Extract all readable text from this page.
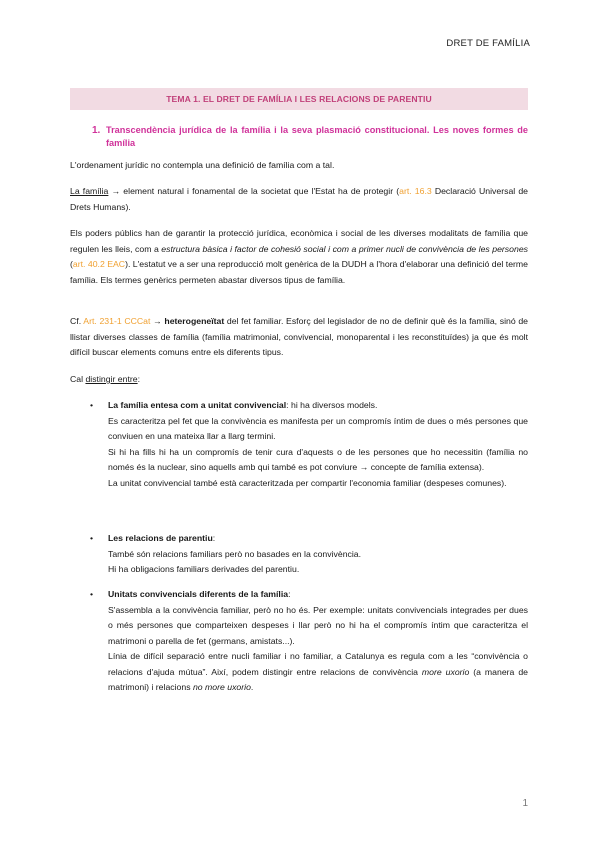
DRET DE FAMÍLIA
TEMA 1. EL DRET DE FAMÍLIA I LES RELACIONS DE PARENTIU
1. Transcendència jurídica de la família i la seva plasmació constitucional. Les noves formes de família
L'ordenament jurídic no contempla una definició de família com a tal.
La família → element natural i fonamental de la societat que l'Estat ha de protegir (art. 16.3 Declaració Universal de Drets Humans).
Els poders públics han de garantir la protecció jurídica, econòmica i social de les diverses modalitats de família que regulen les lleis, com a estructura bàsica i factor de cohesió social i com a primer nucli de convivència de les persones (art. 40.2 EAC). L'estatut ve a ser una reproducció molt genèrica de la DUDH a l'hora d'elaborar una definició del terme família. Els termes genèrics permeten abastar diversos tipus de família.
Cf. Art. 231-1 CCCat → heterogeneïtat del fet familiar. Esforç del legislador de no de definir què és la família, sinó de llistar diverses classes de família (família matrimonial, convivencial, monoparental i les reconstituïdes) ja que és molt difícil buscar elements comuns entre els diferents tipus.
Cal distingir entre:
• La família entesa com a unitat convivencial: hi ha diversos models.
Es caracteritza pel fet que la convivència es manifesta per un compromís íntim de dues o més persones que conviuen en una mateixa llar a llarg termini.
Si hi ha fills hi ha un compromís de tenir cura d'aquests o de les persones que ho necessitin (família no només és la nuclear, sino aquells amb qui també es pot conviure → concepte de família extensa).
La unitat convivencial també està caracteritzada per compartir l'economia familiar (despeses comunes).
• Les relacions de parentiu:
També són relacions familiars però no basades en la convivència.
Hi ha obligacions familiars derivades del parentiu.
• Unitats convivencials diferents de la família:
S'assembla a la convivència familiar, però no ho és. Per exemple: unitats convivencials integrades per dues o més persones que comparteixen despeses i llar però no hi ha el compromís íntim que caracteritza el matrimoni o parella de fet (germans, amistats...).
Línia de difícil separació entre nucli familiar i no familiar, a Catalunya es regula com a les “convivència o relacions d'ajuda mútua”. Així, podem distingir entre relacions de convivència more uxorio (a manera de matrimoni) i relacions no more uxorio.
1
